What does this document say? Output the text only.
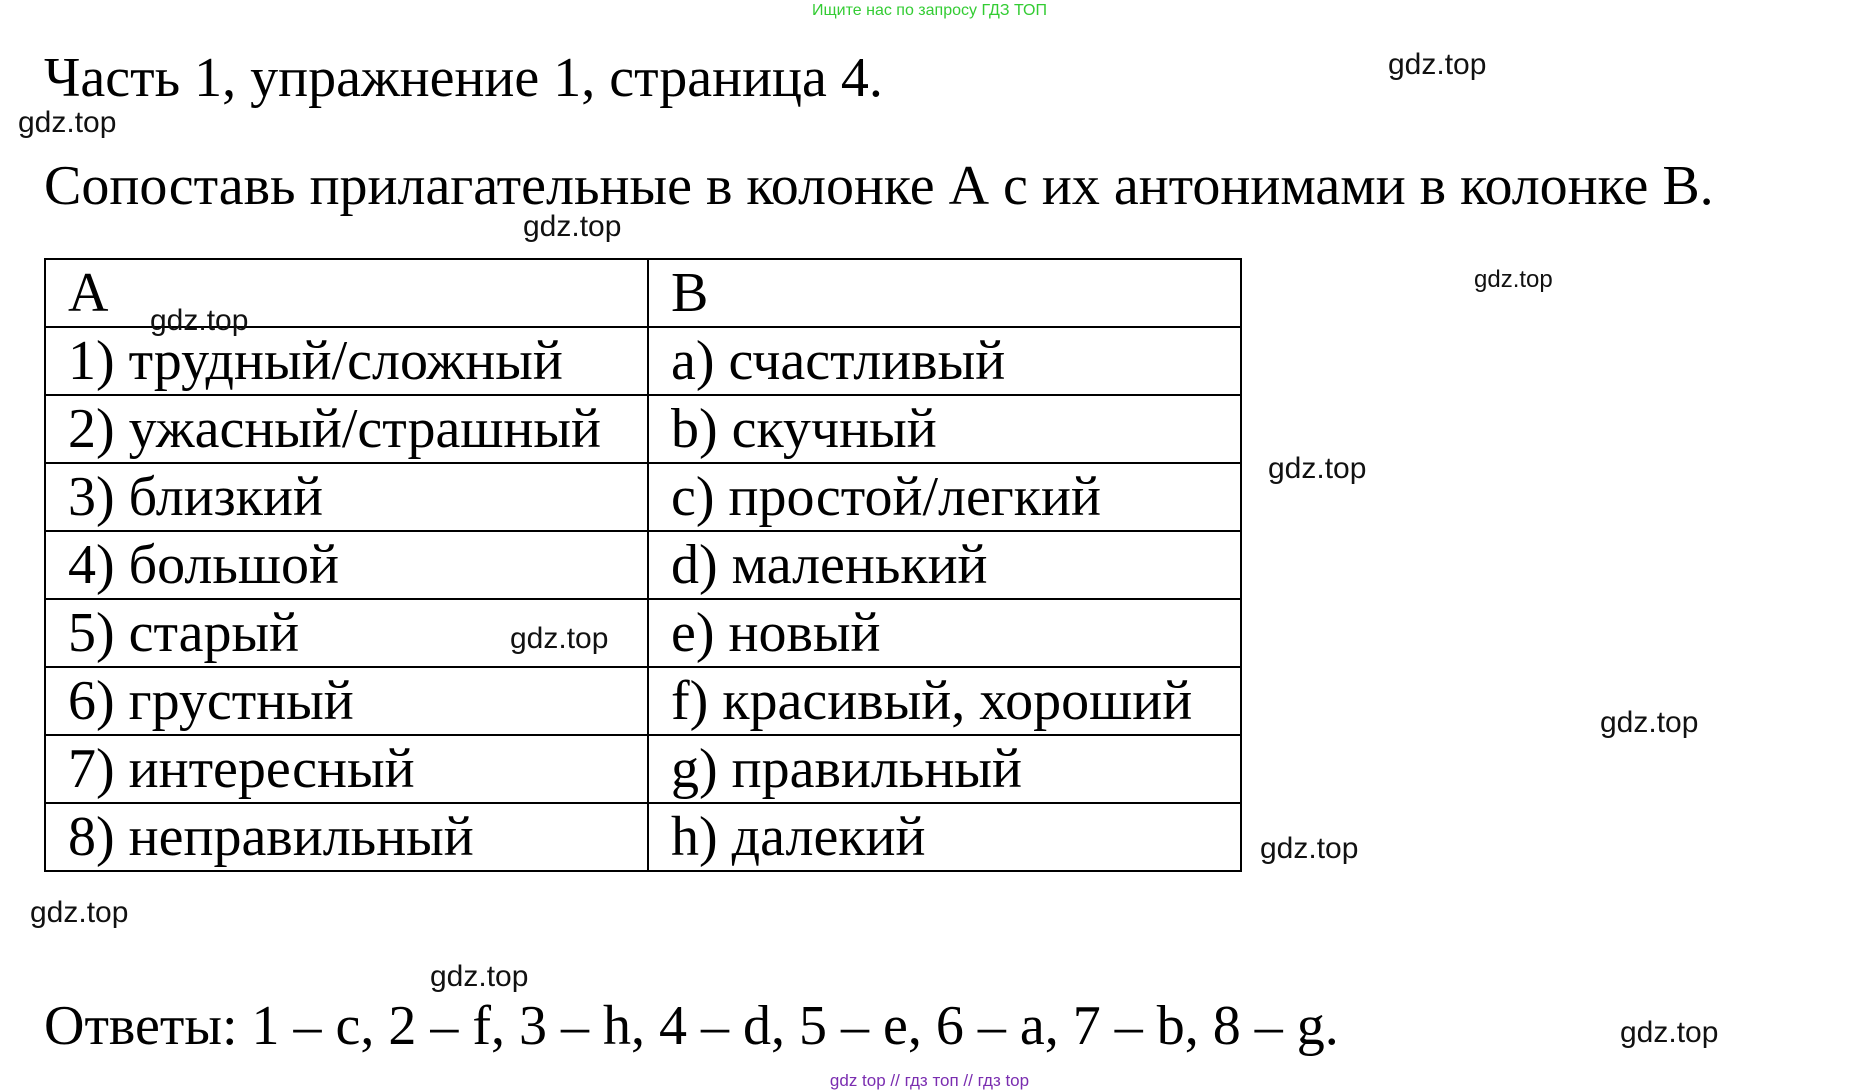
Ищите нас по запросу ГДЗ ТОП
Часть 1, упражнение 1, страница 4.
Сопоставь прилагательные в колонке А с их антонимами в колонке В.
A	B
1) трудный/сложный	a) счастливый
2) ужасный/страшный	b) скучный
3) близкий	c) простой/легкий
4) большой	d) маленький
5) старый	e) новый
6) грустный	f) красивый, хороший
7) интересный	g) правильный
8) неправильный	h) далекий
Ответы: 1 – c, 2 – f, 3 – h, 4 – d, 5 – e, 6 – a, 7 – b, 8 – g.
gdz.top
gdz.top
gdz.top
gdz.top
gdz.top
gdz.top
gdz.top
gdz.top
gdz.top
gdz.top
gdz.top
gdz.top
gdz top // гдз топ // гдз top
